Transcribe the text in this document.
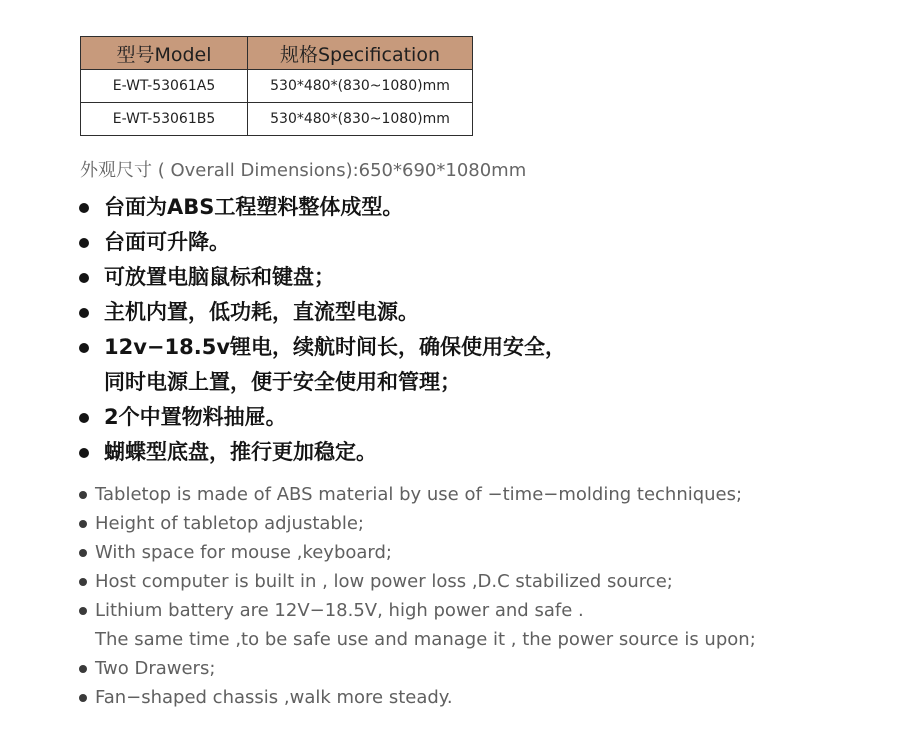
型号Model	规格Specification
E-WT-53061A5	530*480*(830~1080)mm
E-WT-53061B5	530*480*(830~1080)mm
外观尺寸 ( Overall Dimensions):650*690*1080mm
台面为ABS工程塑料整体成型。
台面可升降。
可放置电脑鼠标和键盘；
主机内置，低功耗，直流型电源。
12v−18.5v锂电，续航时间长，确保使用安全，
同时电源上置，便于安全使用和管理；
2个中置物料抽屉。
蝴蝶型底盘，推行更加稳定。
Tabletop is made of ABS material by use of −time−molding techniques;
Height of tabletop adjustable;
With space for mouse ,keyboard;
Host computer is built in , low power loss ,D.C stabilized source;
Lithium battery are 12V−18.5V, high power and safe .
The same time ,to be safe use and manage it , the power source is upon;
Two Drawers;
Fan−shaped chassis ,walk more steady.
